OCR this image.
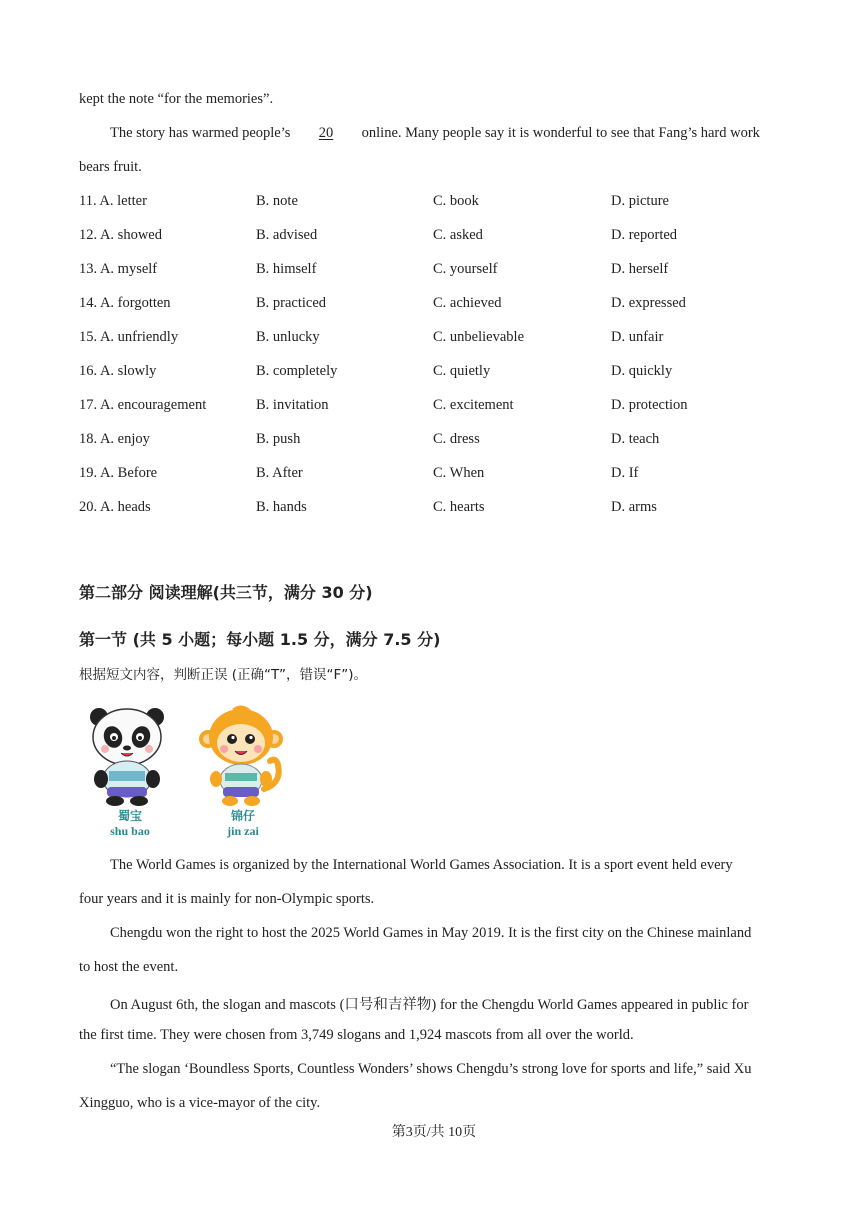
kept the note “for the memories”.
The story has warmed people’s 20 online. Many people say it is wonderful to see that Fang’s hard work
bears fruit.
11. A. letter	B. note	C. book	D. picture
12. A. showed	B. advised	C. asked	D. reported
13. A. myself	B. himself	C. yourself	D. herself
14. A. forgotten	B. practiced	C. achieved	D. expressed
15. A. unfriendly	B. unlucky	C. unbelievable	D. unfair
16. A. slowly	B. completely	C. quietly	D. quickly
17. A. encouragement	B. invitation	C. excitement	D. protection
18. A. enjoy	B. push	C. dress	D. teach
19. A. Before	B. After	C. When	D. If
20. A. heads	B. hands	C. hearts	D. arms
第二部分 阅读理解(共三节，满分 30 分)
第一节 (共 5 小题；每小题 1.5 分，满分 7.5 分)
根据短文内容，判断正误 (正确“T”，错误“F”)。
蜀宝
shu bao
锦仔
jin zai
The World Games is organized by the International World Games Association. It is a sport event held every
four years and it is mainly for non-Olympic sports.
Chengdu won the right to host the 2025 World Games in May 2019. It is the first city on the Chinese mainland
to host the event.
On August 6th, the slogan and mascots (口号和吉祥物) for the Chengdu World Games appeared in public for
the first time. They were chosen from 3,749 slogans and 1,924 mascots from all over the world.
“The slogan ‘Boundless Sports, Countless Wonders’ shows Chengdu’s strong love for sports and life,” said Xu
Xingguo, who is a vice-mayor of the city.
第3页/共 10页
